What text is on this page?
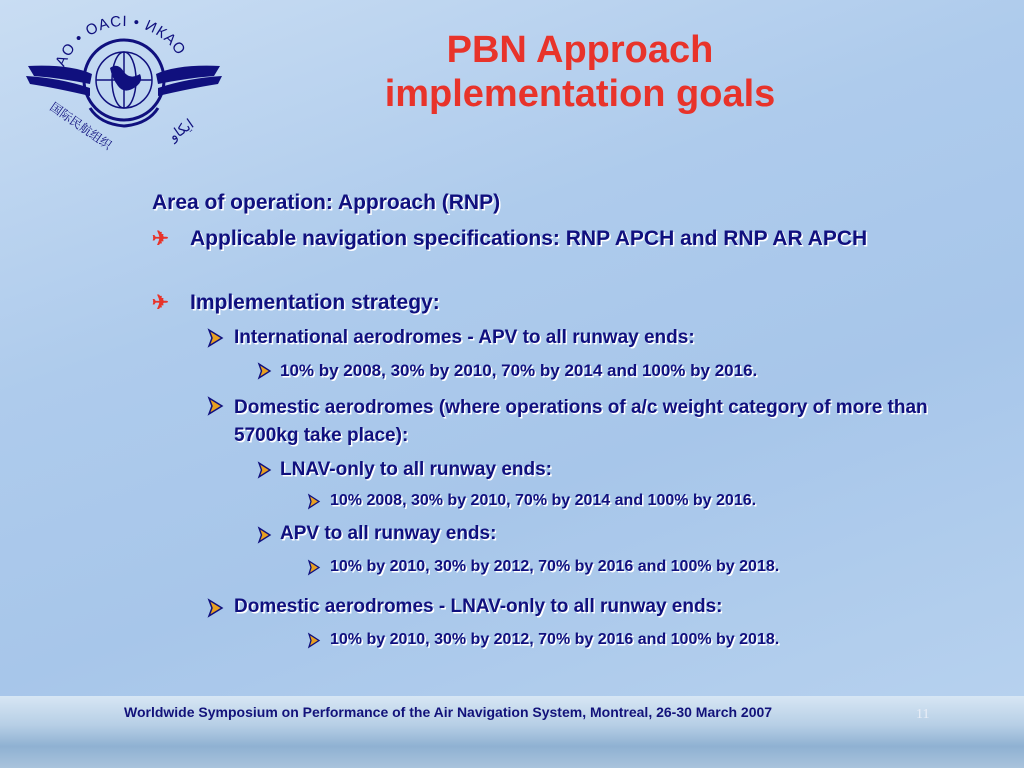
ICAO • OACI • ИКАО
国际民航组织	ايكاو
PBN Approach
implementation goals
Area of operation: Approach (RNP)
✈ Applicable navigation specifications: RNP APCH and RNP AR APCH
✈ Implementation strategy:
International aerodromes - APV to all runway ends:
10% by 2008, 30% by 2010, 70% by 2014 and 100% by 2016.
Domestic aerodromes (where operations of a/c weight category of more than 5700kg take place):
LNAV-only to all runway ends:
10% 2008, 30% by 2010, 70% by 2014 and 100% by 2016.
APV to all runway ends:
10% by 2010, 30% by 2012, 70% by 2016 and 100% by 2018.
Domestic aerodromes - LNAV-only to all runway ends:
10% by 2010, 30% by 2012, 70% by 2016 and 100% by 2018.
Worldwide Symposium on Performance of the Air Navigation System, Montreal, 26-30 March 2007	11
